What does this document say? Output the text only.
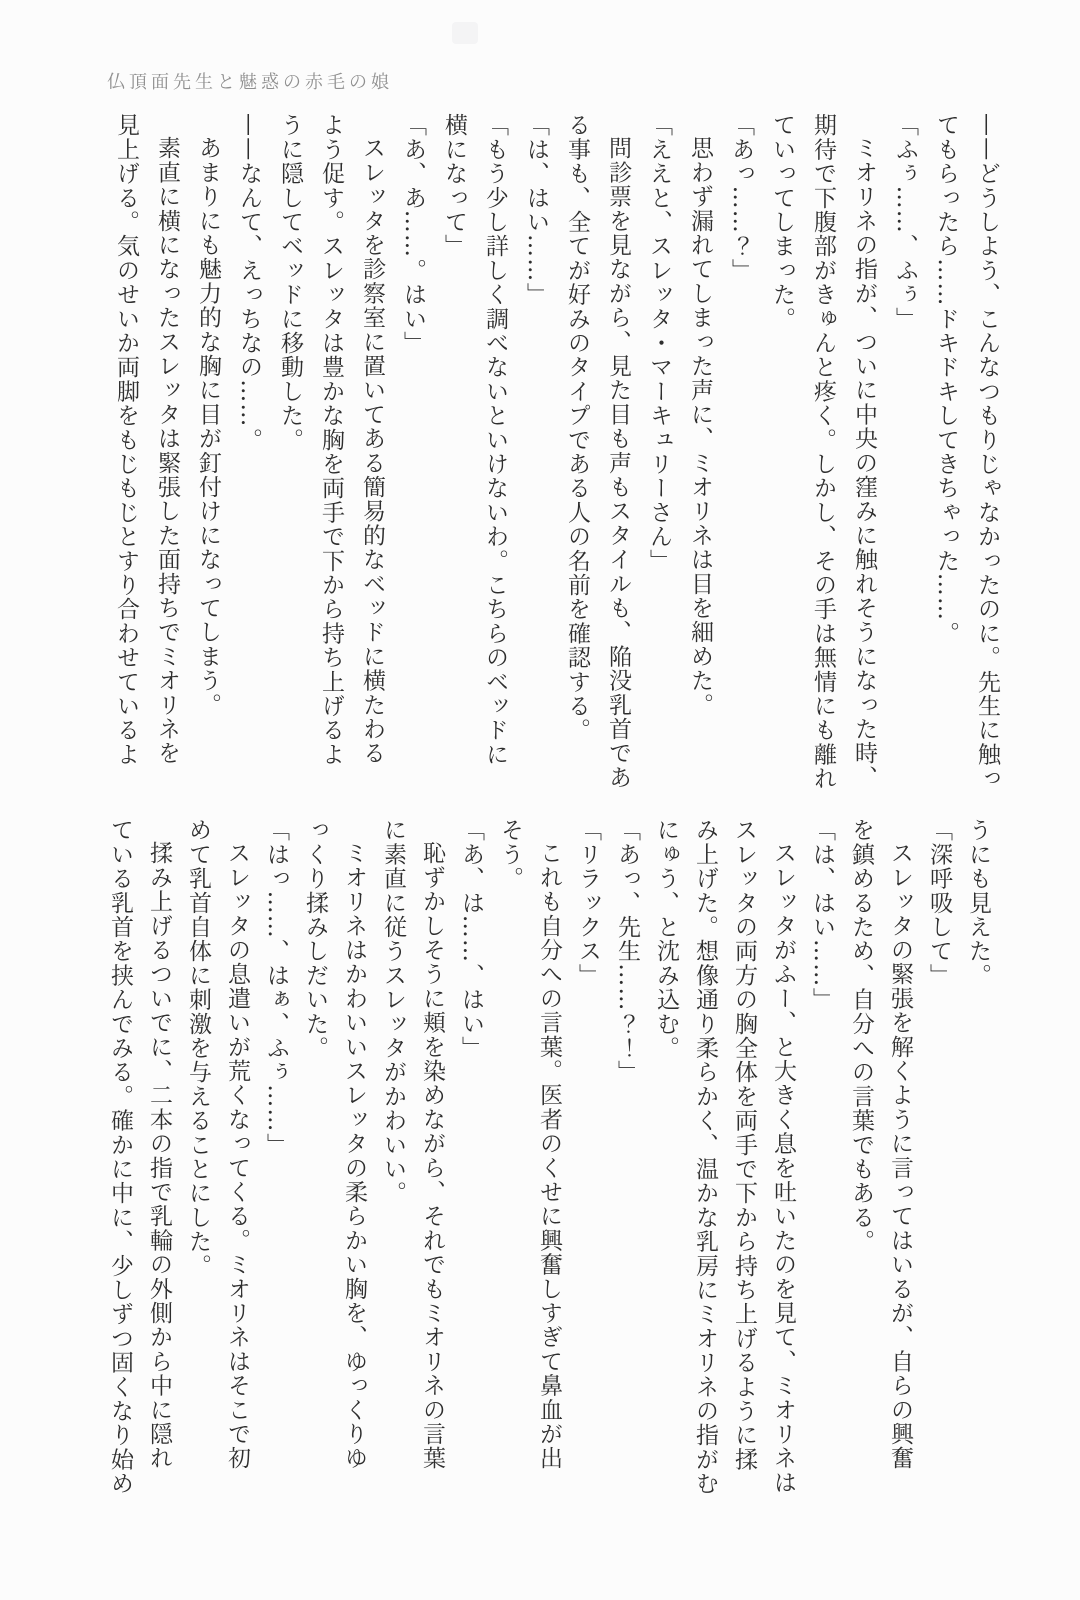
仏頂面先生と魅惑の赤毛の娘

——どうしよう、こんなつもりじゃなかったのに。先生に触っ

てもらったら……ドキドキしてきちゃった……。

「ふぅ……、ふぅ」

ミオリネの指が、ついに中央の窪みに触れそうになった時、

期待で下腹部がきゅんと疼く。しかし、その手は無情にも離れ

ていってしまった。

「あっ……？」

思わず漏れてしまった声に、ミオリネは目を細めた。

「ええと、スレッタ・マーキュリーさん」

問診票を見ながら、見た目も声もスタイルも、陥没乳首であ

る事も、全てが好みのタイプである人の名前を確認する。

「は、はい……」

「もう少し詳しく調べないといけないわ。こちらのベッドに

横になって」

「あ、あ……。はい」

スレッタを診察室に置いてある簡易的なベッドに横たわる

よう促す。スレッタは豊かな胸を両手で下から持ち上げるよ

うに隠してベッドに移動した。

——なんて、えっちなの……。

あまりにも魅力的な胸に目が釘付けになってしまう。

素直に横になったスレッタは緊張した面持ちでミオリネを

見上げる。気のせいか両脚をもじもじとすり合わせているよ

うにも見えた。

「深呼吸して」

スレッタの緊張を解くように言ってはいるが、自らの興奮

を鎮めるため、自分への言葉でもある。

「は、はい……」

スレッタがふー、と大きく息を吐いたのを見て、ミオリネは

スレッタの両方の胸全体を両手で下から持ち上げるように揉

み上げた。想像通り柔らかく、温かな乳房にミオリネの指がむ

にゅう、と沈み込む。

「あっ、先生……？！」

「リラックス」

これも自分への言葉。医者のくせに興奮しすぎて鼻血が出

そう。

「あ、は……、はい」

恥ずかしそうに頬を染めながら、それでもミオリネの言葉

に素直に従うスレッタがかわいい。

ミオリネはかわいいスレッタの柔らかい胸を、ゆっくりゆ

っくり揉みしだいた。

「はっ……、はぁ、ふぅ……」

スレッタの息遣いが荒くなってくる。ミオリネはそこで初

めて乳首自体に刺激を与えることにした。

揉み上げるついでに、二本の指で乳輪の外側から中に隠れ

ている乳首を挟んでみる。確かに中に、少しずつ固くなり始め
